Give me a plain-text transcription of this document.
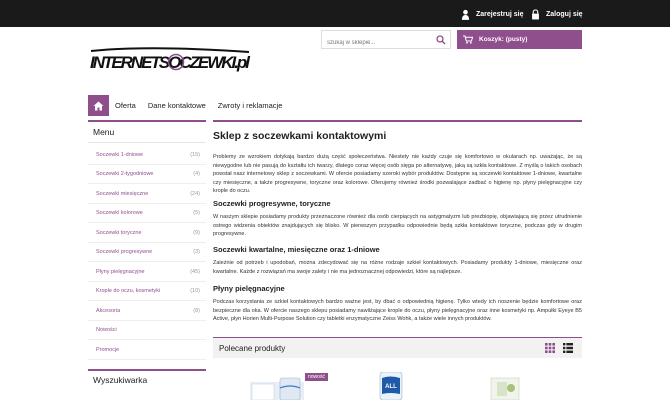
Zarejestruj się	Zaloguj się
INTERNETSOCZEWKI.pl
szukaj w sklepie...
Koszyk: (pusty)
Oferta	Dane kontaktowe	Zwroty i reklamacje
Menu
Soczewki 1-dniowe	(15)
Soczewki 2-tygodniowe	(4)
Soczewki miesięczne	(24)
Soczewki kolorowe	(5)
Soczewki toryczne	(9)
Soczewki progresywne	(3)
Płyny pielęgnacyjne	(45)
Krople do oczu, kosmetyki	(10)
Akcesoria	(8)
Nowości
Promocje
Wyszukiwarka
Sklep z soczewkami kontaktowymi
Problemy ze wzrokiem dotykają bardzo dużą część społeczeństwa. Niestety nie każdy czuje się komfortowo w okularach np. uważając, że są niewygodne lub nie pasują do kształtu ich twarzy, dlatego coraz więcej osób sięga po alternatywę, jaką są szkła kontaktowe. Z myślą o takich osobach powstał nasz internetowy sklep z soczewkami. W ofercie posiadamy szeroki wybór produktów. Dostępne są soczewki kontaktowe 1-dniowe, kwartalne czy miesięczne, a także progresywne, toryczne oraz kolorowe. Oferujemy również środki pozwalające zadbać o higienę np. płyny pielęgnacyjne czy krople do oczu.
Soczewki progresywne, toryczne
W naszym sklepie posiadamy produkty przeznaczone również dla osób cierpiących na astygmatyzm lub prezbiopię, objawiającą się przez utrudnienie ostrego widzenia obiektów znajdujących się blisko. W pierwszym przypadku odpowiednie będą szkła kontaktowe toryczne, podczas gdy w drugim progresywne.
Soczewki kwartalne, miesięczne oraz 1-dniowe
Zależnie od potrzeb i upodobań, można zdecydować się na różne rodzaje szkieł kontaktowych. Posiadamy produkty 1-dniowe, miesięczne oraz kwartalne. Każde z rozwiązań ma swoje zalety i nie ma jednoznacznej odpowiedzi, które są najlepsze.
Płyny pielęgnacyjne
Podczas korzystania ze szkieł kontaktowych bardzo ważne jest, by dbać o odpowiednią higienę. Tylko wtedy ich noszenie będzie komfortowe oraz bezpieczne dla oka. W ofercie naszego sklepu posiadamy nawilżające krople do oczu, płyny pielęgnacyjne oraz inne kosmetyki np. Ampułki Eyeye B5 Active, płyn Horien Multi-Purpose Solution czy tabletki enzymatyczne Zeiss Wohk, a także wiele innych produktów.
Polecane produkty
nowość
ALL
